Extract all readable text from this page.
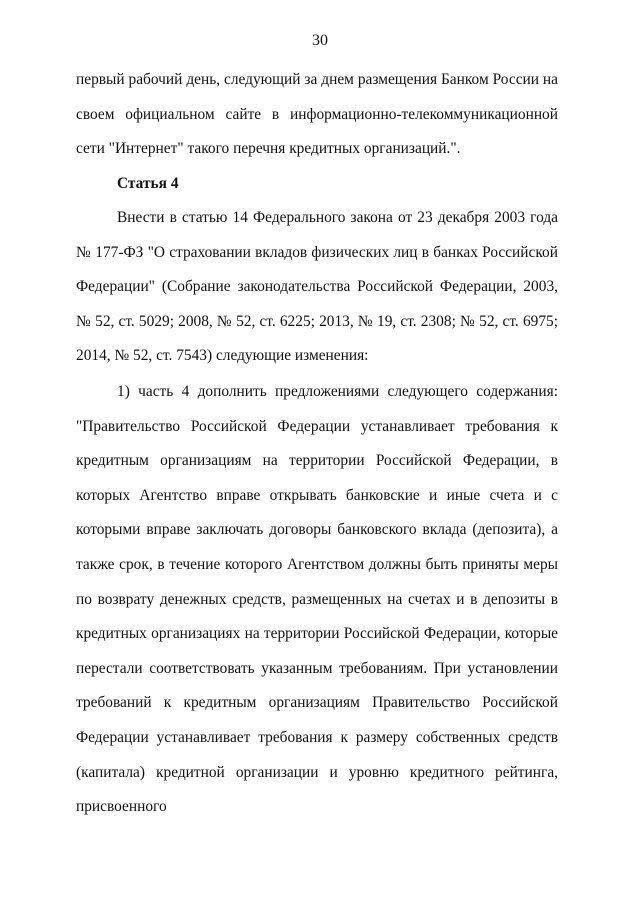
30

первый рабочий день, следующий за днем размещения Банком России на своем официальном сайте в информационно-телекоммуникационной сети "Интернет" такого перечня кредитных организаций.".

Статья 4

Внести в статью 14 Федерального закона от 23 декабря 2003 года № 177-ФЗ "О страховании вкладов физических лиц в банках Российской Федерации" (Собрание законодательства Российской Федерации, 2003, № 52, ст. 5029; 2008, № 52, ст. 6225; 2013, № 19, ст. 2308; № 52, ст. 6975; 2014, № 52, ст. 7543) следующие изменения:

1) часть 4 дополнить предложениями следующего содержания: "Правительство Российской Федерации устанавливает требования к кредитным организациям на территории Российской Федерации, в которых Агентство вправе открывать банковские и иные счета и с которыми вправе заключать договоры банковского вклада (депозита), а также срок, в течение которого Агентством должны быть приняты меры по возврату денежных средств, размещенных на счетах и в депозиты в кредитных организациях на территории Российской Федерации, которые перестали соответствовать указанным требованиям. При установлении требований к кредитным организациям Правительство Российской Федерации устанавливает требования к размеру собственных средств (капитала) кредитной организации и уровню кредитного рейтинга, присвоенного
